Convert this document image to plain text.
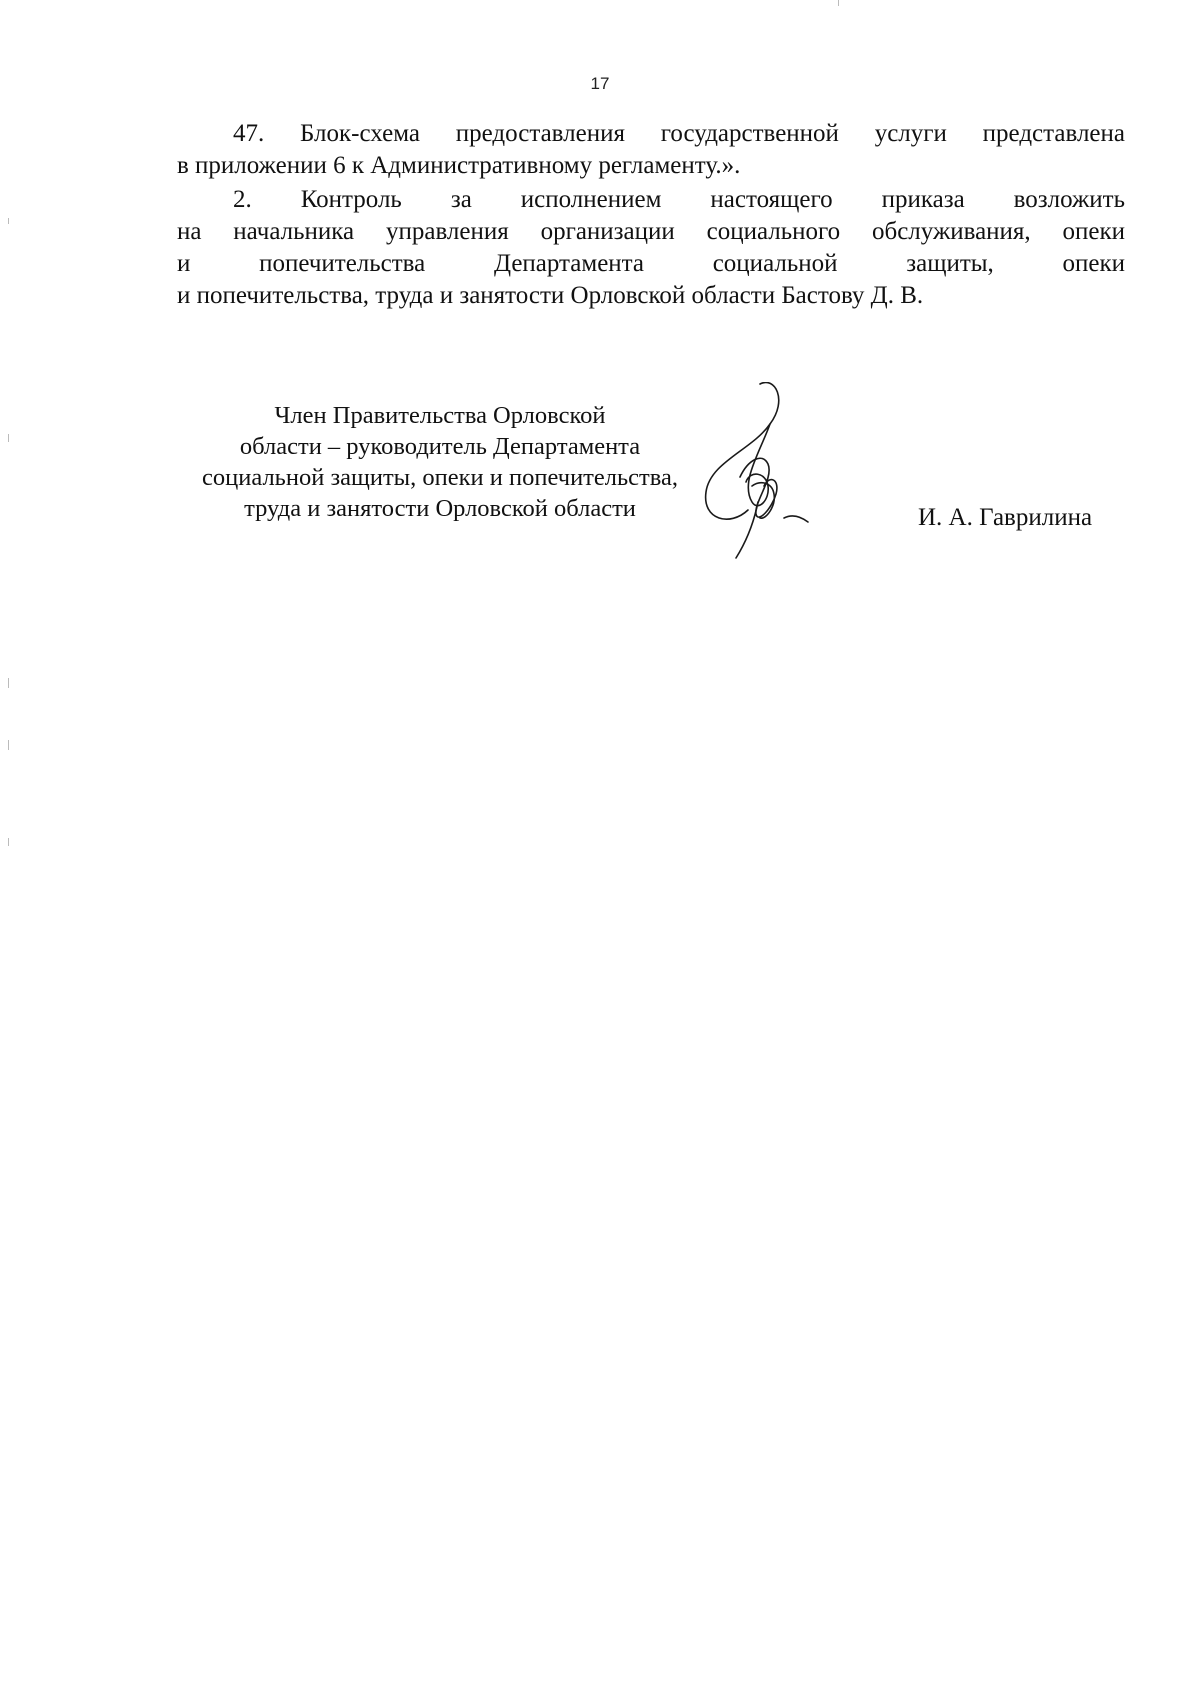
17

47. Блок-схема предоставления государственной услуги представлена
в приложении 6 к Административному регламенту.».

2. Контроль за исполнением настоящего приказа возложить
на начальника управления организации социального обслуживания, опеки
и попечительства Департамента социальной защиты, опеки
и попечительства, труда и занятости Орловской области Бастову Д. В.

Член Правительства Орловской
области – руководитель Департамента
социальной защиты, опеки и попечительства,
труда и занятости Орловской области	И. А. Гаврилина
